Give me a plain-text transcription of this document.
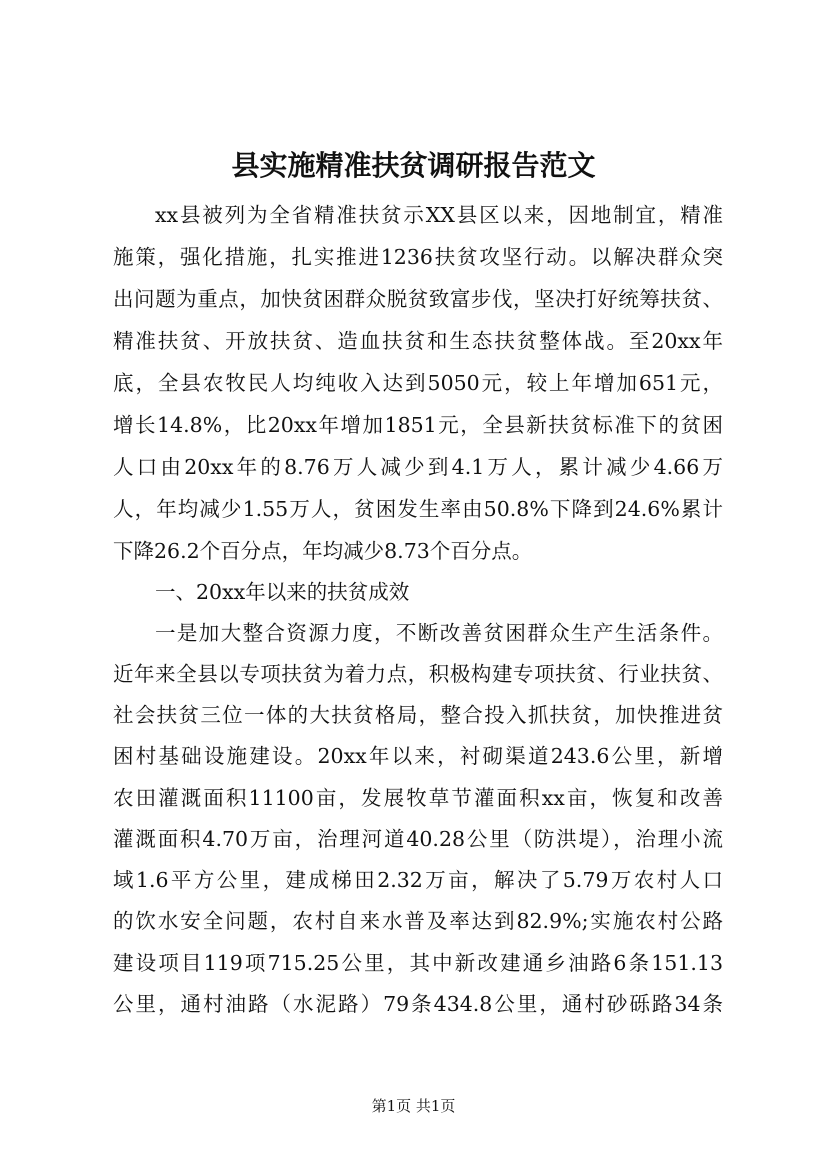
县实施精准扶贫调研报告范文
xx县被列为全省精准扶贫示XX县区以来，因地制宜，精准
施策，强化措施，扎实推进1236扶贫攻坚行动。以解决群众突
出问题为重点，加快贫困群众脱贫致富步伐，坚决打好统筹扶贫、
精准扶贫、开放扶贫、造血扶贫和生态扶贫整体战。至20xx年
底，全县农牧民人均纯收入达到5050元，较上年增加651元，
增长14.8%，比20xx年增加1851元，全县新扶贫标准下的贫困
人口由20xx年的8.76万人减少到4.1万人，累计减少4.66万
人，年均减少1.55万人，贫困发生率由50.8%下降到24.6%累计
下降26.2个百分点，年均减少8.73个百分点。
一、20xx年以来的扶贫成效
一是加大整合资源力度，不断改善贫困群众生产生活条件。
近年来全县以专项扶贫为着力点，积极构建专项扶贫、行业扶贫、
社会扶贫三位一体的大扶贫格局，整合投入抓扶贫，加快推进贫
困村基础设施建设。20xx年以来，衬砌渠道243.6公里，新增
农田灌溉面积11100亩，发展牧草节灌面积xx亩，恢复和改善
灌溉面积4.70万亩，治理河道40.28公里（防洪堤），治理小流
域1.6平方公里，建成梯田2.32万亩，解决了5.79万农村人口
的饮水安全问题，农村自来水普及率达到82.9%;实施农村公路
建设项目119项715.25公里，其中新改建通乡油路6条151.13
公里，通村油路（水泥路）79条434.8公里，通村砂砾路34条
第1页 共1页
